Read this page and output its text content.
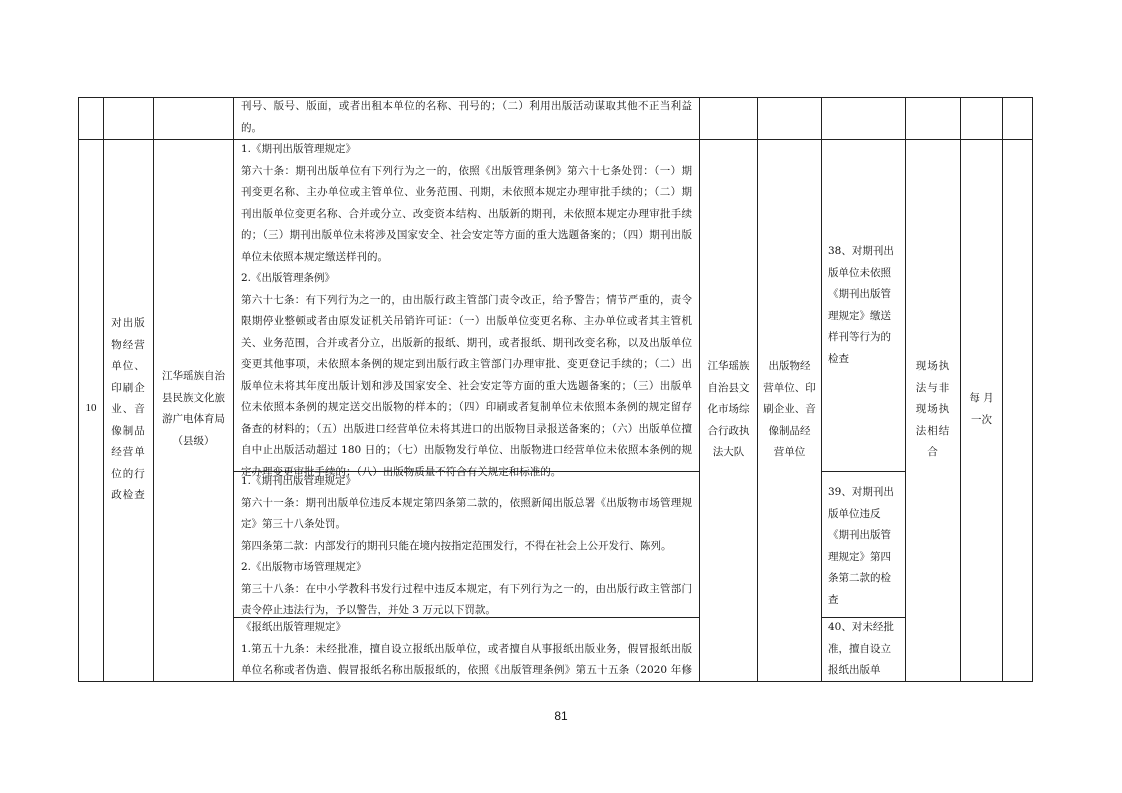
刊号、版号、版面，或者出租本单位的名称、刊号的；（二）利用出版活动谋取其他不正当利益

的。

10

对出版

物经营

单位、

印刷企

业、音

像制品

经营单

位的行

政检查

江华瑶族自治

县民族文化旅

游广电体育局

（县级）

1.《期刊出版管理规定》

第六十条：期刊出版单位有下列行为之一的，依照《出版管理条例》第六十七条处罚：（一）期

刊变更名称、主办单位或主管单位、业务范围、刊期，未依照本规定办理审批手续的；（二）期

刊出版单位变更名称、合并或分立、改变资本结构、出版新的期刊，未依照本规定办理审批手续

的；（三）期刊出版单位未将涉及国家安全、社会安定等方面的重大选题备案的；（四）期刊出版

单位未依照本规定缴送样刊的。

2.《出版管理条例》

第六十七条：有下列行为之一的，由出版行政主管部门责令改正，给予警告；情节严重的，责令

限期停业整顿或者由原发证机关吊销许可证：（一）出版单位变更名称、主办单位或者其主管机

关、业务范围，合并或者分立，出版新的报纸、期刊，或者报纸、期刊改变名称，以及出版单位

变更其他事项，未依照本条例的规定到出版行政主管部门办理审批、变更登记手续的；（二）出

版单位未将其年度出版计划和涉及国家安全、社会安定等方面的重大选题备案的；（三）出版单

位未依照本条例的规定送交出版物的样本的；（四）印刷或者复制单位未依照本条例的规定留存

备查的材料的；（五）出版进口经营单位未将其进口的出版物目录报送备案的；（六）出版单位擅

自中止出版活动超过 180 日的；（七）出版物发行单位、出版物进口经营单位未依照本条例的规

定办理变更审批手续的；（八）出版物质量不符合有关规定和标准的。

1.《期刊出版管理规定》

第六十一条：期刊出版单位违反本规定第四条第二款的，依照新闻出版总署《出版物市场管理规

定》第三十八条处罚。

第四条第二款：内部发行的期刊只能在境内按指定范围发行，不得在社会上公开发行、陈列。

2.《出版物市场管理规定》

第三十八条：在中小学教科书发行过程中违反本规定，有下列行为之一的，由出版行政主管部门

责令停止违法行为，予以警告，并处 3 万元以下罚款。

《报纸出版管理规定》

1.第五十九条：未经批准，擅自设立报纸出版单位，或者擅自从事报纸出版业务，假冒报纸出版

单位名称或者伪造、假冒报纸名称出版报纸的，依照《出版管理条例》第五十五条（2020 年修

江华瑶族

自治县文

化市场综

合行政执

法大队

出版物经

营单位、印

刷企业、音

像制品经

营单位

38、对期刊出

版单位未依照

《期刊出版管

理规定》缴送

样刊等行为的

检查

39、对期刊出

版单位违反

《期刊出版管

理规定》第四

条第二款的检

查

40、对未经批

准，擅自设立

报纸出版单

现场执

法与非

现场执

法相结

合

每 月

一次

81
